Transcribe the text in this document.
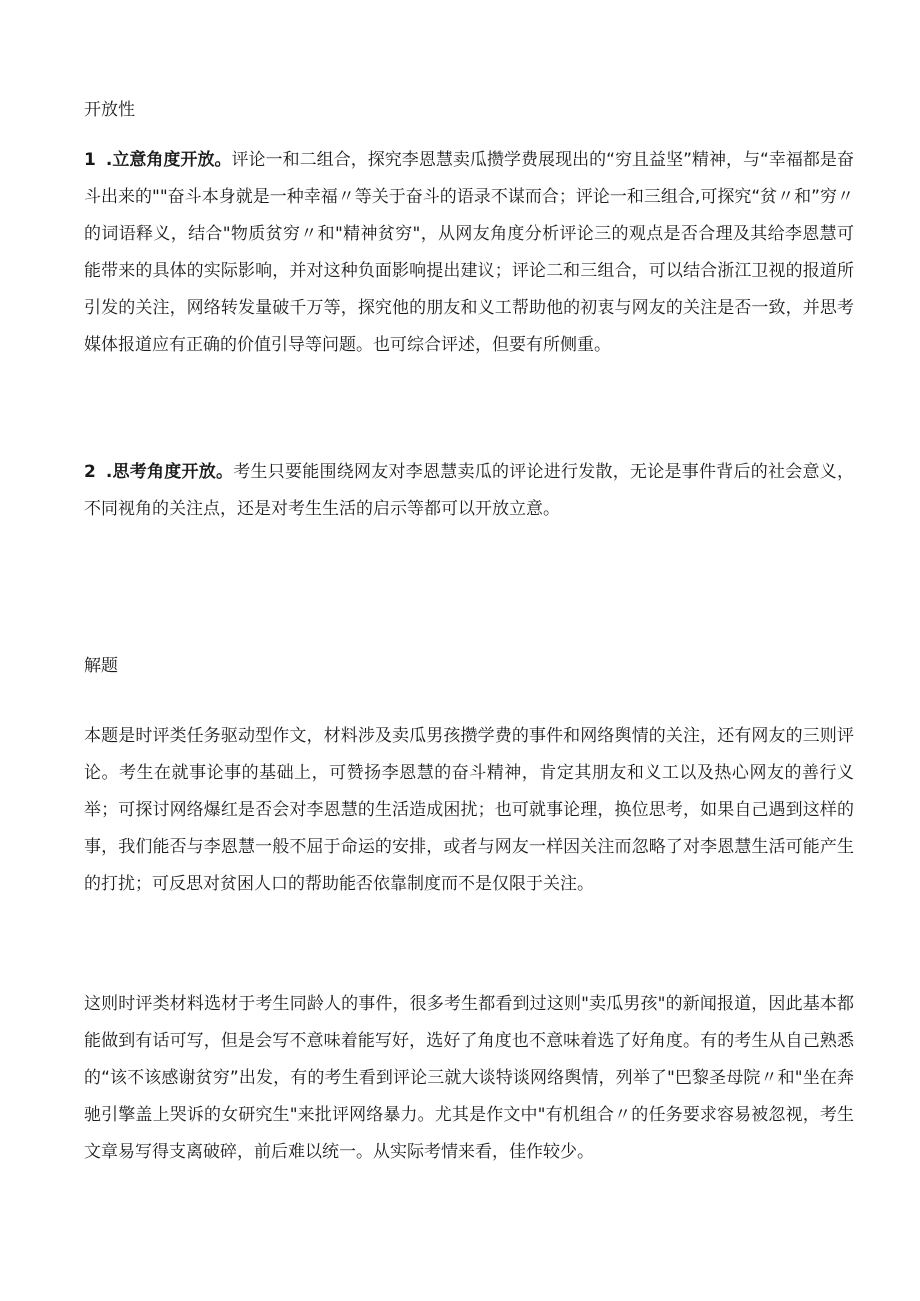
开放性
1 .立意角度开放。评论一和二组合，探究李恩慧卖瓜攒学费展现出的“穷且益坚”精神，与“幸福都是奋斗出来的""奋斗本身就是一种幸福〃等关于奋斗的语录不谋而合；评论一和三组合,可探究“贫〃和”穷〃的词语释义，结合"物质贫穷〃和"精神贫穷"，从网友角度分析评论三的观点是否合理及其给李恩慧可能带来的具体的实际影响，并对这种负面影响提出建议；评论二和三组合，可以结合浙江卫视的报道所引发的关注，网络转发量破千万等，探究他的朋友和义工帮助他的初衷与网友的关注是否一致，并思考媒体报道应有正确的价值引导等问题。也可综合评述，但要有所侧重。
2 .思考角度开放。考生只要能围绕网友对李恩慧卖瓜的评论进行发散，无论是事件背后的社会意义，不同视角的关注点，还是对考生生活的启示等都可以开放立意。
解题
本题是时评类任务驱动型作文，材料涉及卖瓜男孩攒学费的事件和网络舆情的关注，还有网友的三则评论。考生在就事论事的基础上，可赞扬李恩慧的奋斗精神，肯定其朋友和义工以及热心网友的善行义举；可探讨网络爆红是否会对李恩慧的生活造成困扰；也可就事论理，换位思考，如果自己遇到这样的事，我们能否与李恩慧一般不屈于命运的安排，或者与网友一样因关注而忽略了对李恩慧生活可能产生的打扰；可反思对贫困人口的帮助能否依靠制度而不是仅限于关注。
这则时评类材料选材于考生同龄人的事件，很多考生都看到过这则"卖瓜男孩"的新闻报道，因此基本都能做到有话可写，但是会写不意味着能写好，选好了角度也不意味着选了好角度。有的考生从自己熟悉的“该不该感谢贫穷”出发，有的考生看到评论三就大谈特谈网络舆情，列举了"巴黎圣母院〃和"坐在奔驰引擎盖上哭诉的女研究生"来批评网络暴力。尤其是作文中"有机组合〃的任务要求容易被忽视，考生文章易写得支离破碎，前后难以统一。从实际考情来看，佳作较少。
